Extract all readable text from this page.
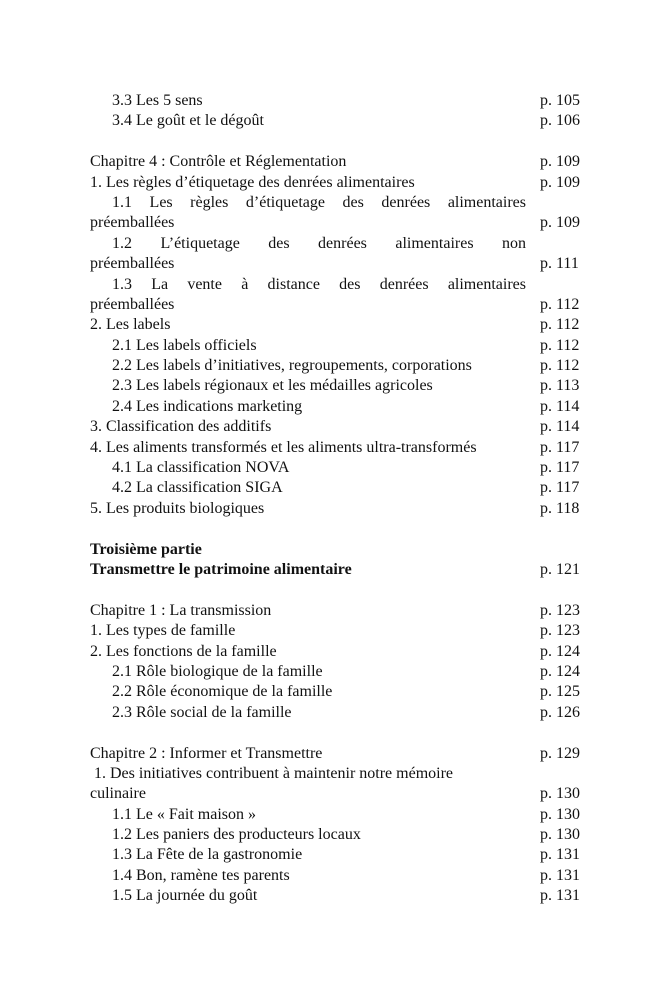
3.3 Les 5 sens	p. 105
3.4 Le goût et le dégoût	p. 106
Chapitre 4 : Contrôle et Réglementation	p. 109
1. Les règles d’étiquetage des denrées alimentaires	p. 109
1.1 Les règles d’étiquetage des denrées alimentaires
préemballées	p. 109
1.2 L’étiquetage des denrées alimentaires non
préemballées	p. 111
1.3 La vente à distance des denrées alimentaires
préemballées	p. 112
2. Les labels	p. 112
2.1 Les labels officiels	p. 112
2.2 Les labels d’initiatives, regroupements, corporations	p. 112
2.3 Les labels régionaux et les médailles agricoles	p. 113
2.4 Les indications marketing	p. 114
3. Classification des additifs	p. 114
4. Les aliments transformés et les aliments ultra-transformés	p. 117
4.1 La classification NOVA	p. 117
4.2 La classification SIGA	p. 117
5. Les produits biologiques	p. 118
Troisième partie
Transmettre le patrimoine alimentaire	p. 121
Chapitre 1 : La transmission	p. 123
1. Les types de famille	p. 123
2. Les fonctions de la famille	p. 124
2.1 Rôle biologique de la famille	p. 124
2.2 Rôle économique de la famille	p. 125
2.3 Rôle social de la famille	p. 126
Chapitre 2 : Informer et Transmettre	p. 129
1. Des initiatives contribuent à maintenir notre mémoire
culinaire	p. 130
1.1 Le « Fait maison »	p. 130
1.2 Les paniers des producteurs locaux	p. 130
1.3 La Fête de la gastronomie	p. 131
1.4 Bon, ramène tes parents	p. 131
1.5 La journée du goût	p. 131
